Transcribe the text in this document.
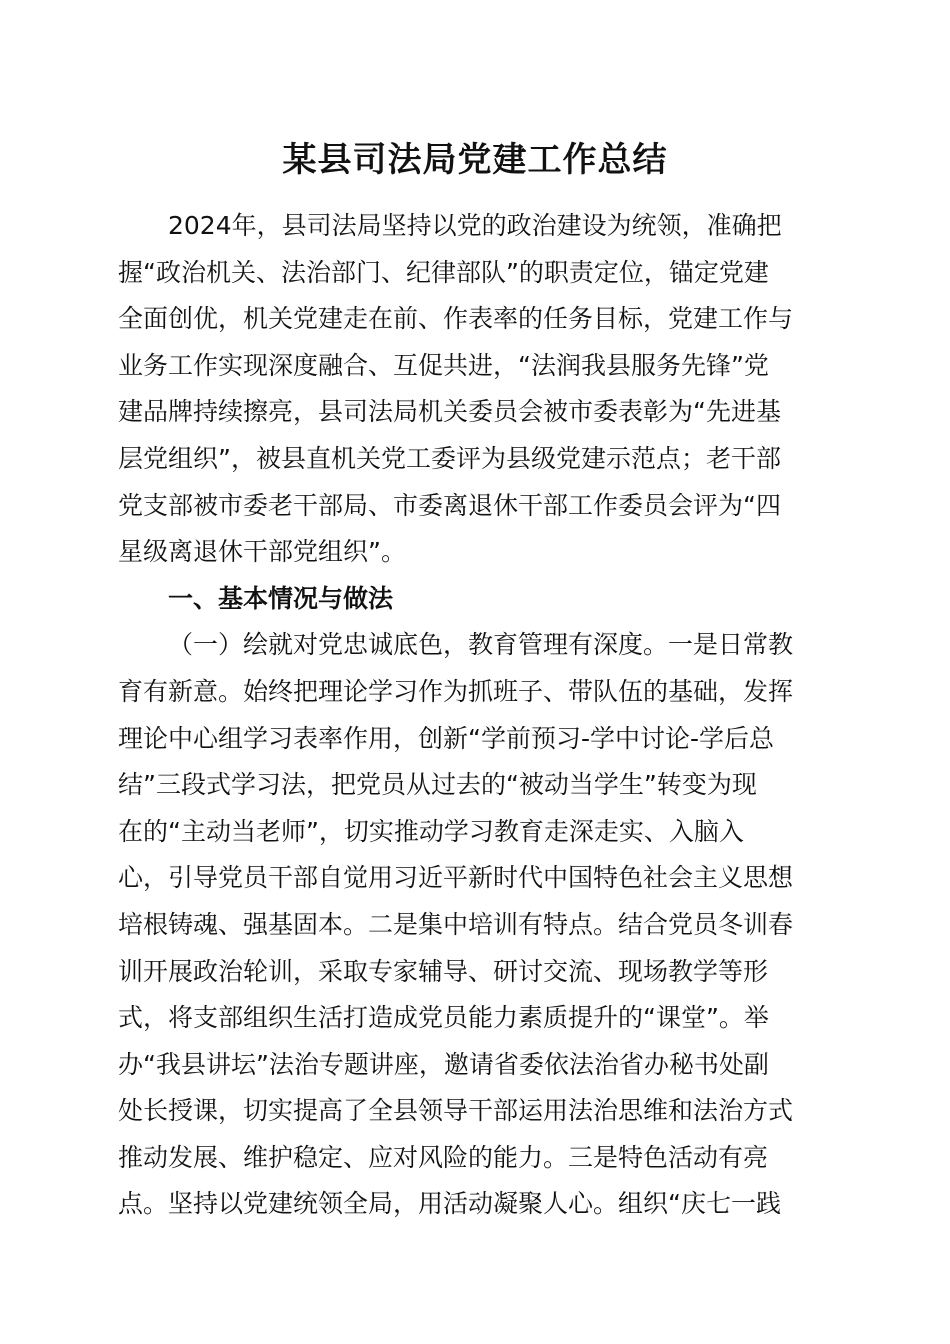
某县司法局党建工作总结
2024年，县司法局坚持以党的政治建设为统领，准确把
握“政治机关、法治部门、纪律部队”的职责定位，锚定党建
全面创优，机关党建走在前、作表率的任务目标，党建工作与
业务工作实现深度融合、互促共进，“法润我县服务先锋”党
建品牌持续擦亮，县司法局机关委员会被市委表彰为“先进基
层党组织”，被县直机关党工委评为县级党建示范点；老干部
党支部被市委老干部局、市委离退休干部工作委员会评为“四
星级离退休干部党组织”。
一、基本情况与做法
（一）绘就对党忠诚底色，教育管理有深度。一是日常教
育有新意。始终把理论学习作为抓班子、带队伍的基础，发挥
理论中心组学习表率作用，创新“学前预习-学中讨论-学后总
结”三段式学习法，把党员从过去的“被动当学生”转变为现
在的“主动当老师”，切实推动学习教育走深走实、入脑入
心，引导党员干部自觉用习近平新时代中国特色社会主义思想
培根铸魂、强基固本。二是集中培训有特点。结合党员冬训春
训开展政治轮训，采取专家辅导、研讨交流、现场教学等形
式，将支部组织生活打造成党员能力素质提升的“课堂”。举
办“我县讲坛”法治专题讲座，邀请省委依法治省办秘书处副
处长授课，切实提高了全县领导干部运用法治思维和法治方式
推动发展、维护稳定、应对风险的能力。三是特色活动有亮
点。坚持以党建统领全局，用活动凝聚人心。组织“庆七一践
